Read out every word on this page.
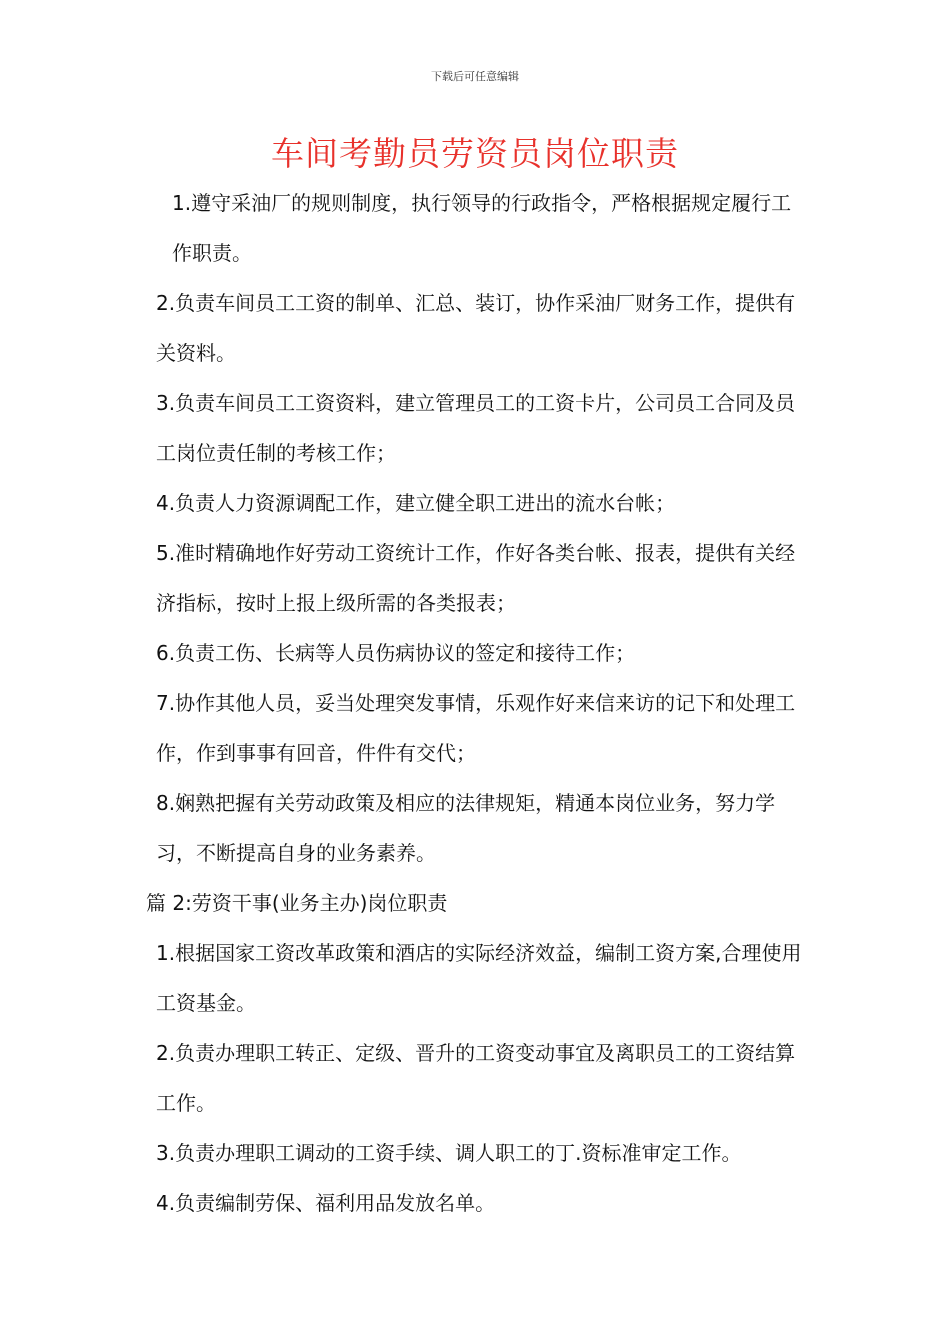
下载后可任意编辑
车间考勤员劳资员岗位职责

1.遵守采油厂的规则制度，执行领导的行政指令，严格根据规定履行工作职责。

2.负责车间员工工资的制单、汇总、装订，协作采油厂财务工作，提供有关资料。

3.负责车间员工工资资料，建立管理员工的工资卡片，公司员工合同及员工岗位责任制的考核工作；

4.负责人力资源调配工作，建立健全职工进出的流水台帐；

5.准时精确地作好劳动工资统计工作，作好各类台帐、报表，提供有关经济指标，按时上报上级所需的各类报表；

6.负责工伤、长病等人员伤病协议的签定和接待工作；

7.协作其他人员，妥当处理突发事情，乐观作好来信来访的记下和处理工作，作到事事有回音，件件有交代；

8.娴熟把握有关劳动政策及相应的法律规矩，精通本岗位业务，努力学习，不断提高自身的业务素养。

篇 2:劳资干事(业务主办)岗位职责

1.根据国家工资改革政策和酒店的实际经济效益，编制工资方案,合理使用工资基金。

2.负责办理职工转正、定级、晋升的工资变动事宜及离职员工的工资结算工作。

3.负责办理职工调动的工资手续、调人职工的丁.资标准审定工作。

4.负责编制劳保、福利用品发放名单。
